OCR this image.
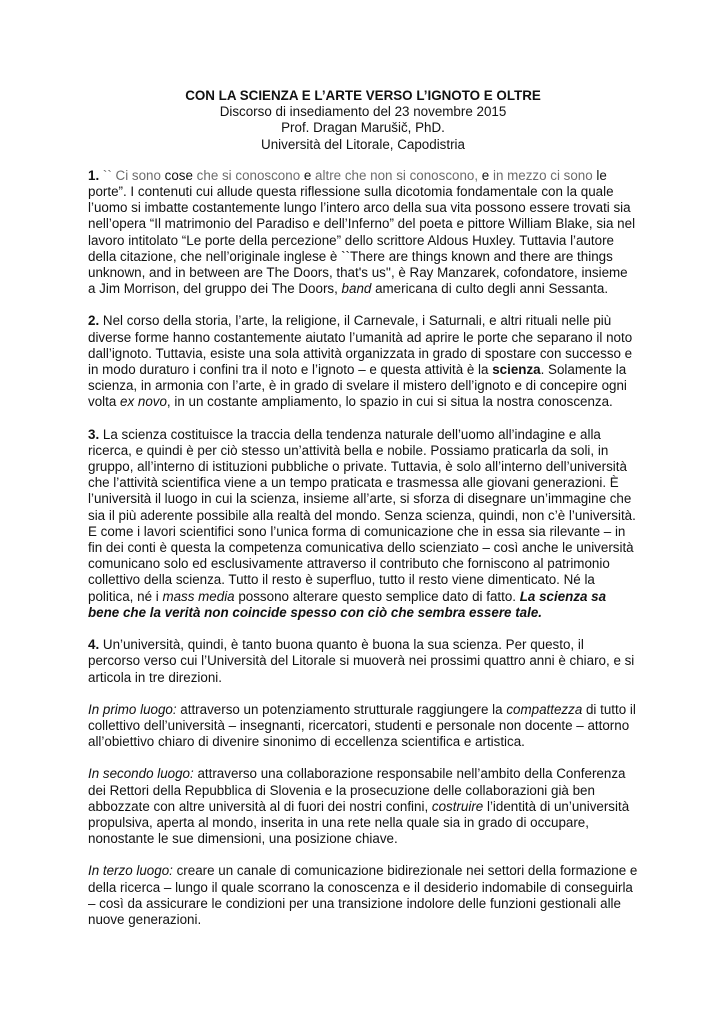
CON LA SCIENZA E L’ARTE VERSO L’IGNOTO E OLTRE
Discorso di insediamento del 23 novembre 2015
Prof. Dragan Marušič, PhD.
Università del Litorale, Capodistria

1. `` Ci sono cose che si conoscono e altre che non si conoscono, e in mezzo ci sono le porte”. I contenuti cui allude questa riflessione sulla dicotomia fondamentale con la quale l’uomo si imbatte costantemente lungo l’intero arco della sua vita possono essere trovati sia nell’opera “Il matrimonio del Paradiso e dell’Inferno” del poeta e pittore William Blake, sia nel lavoro intitolato “Le porte della percezione” dello scrittore Aldous Huxley. Tuttavia l’autore della citazione, che nell’originale inglese è ``There are things known and there are things unknown, and in between are The Doors, that's us'', è Ray Manzarek, cofondatore, insieme a Jim Morrison, del gruppo dei The Doors, band americana di culto degli anni Sessanta.

2. Nel corso della storia, l’arte, la religione, il Carnevale, i Saturnali, e altri rituali nelle più diverse forme hanno costantemente aiutato l’umanità ad aprire le porte che separano il noto dall’ignoto. Tuttavia, esiste una sola attività organizzata in grado di spostare con successo e in modo duraturo i confini tra il noto e l’ignoto – e questa attività è la scienza. Solamente la scienza, in armonia con l’arte, è in grado di svelare il mistero dell’ignoto e di concepire ogni volta ex novo, in un costante ampliamento, lo spazio in cui si situa la nostra conoscenza.

3. La scienza costituisce la traccia della tendenza naturale dell’uomo all’indagine e alla ricerca, e quindi è per ciò stesso un’attività bella e nobile. Possiamo praticarla da soli, in gruppo, all’interno di istituzioni pubbliche o private. Tuttavia, è solo all’interno dell’università che l’attività scientifica viene a un tempo praticata e trasmessa alle giovani generazioni. È l’università il luogo in cui la scienza, insieme all’arte, si sforza di disegnare un’immagine che sia il più aderente possibile alla realtà del mondo. Senza scienza, quindi, non c’è l’università. E come i lavori scientifici sono l’unica forma di comunicazione che in essa sia rilevante – in fin dei conti è questa la competenza comunicativa dello scienziato – così anche le università comunicano solo ed esclusivamente attraverso il contributo che forniscono al patrimonio collettivo della scienza. Tutto il resto è superfluo, tutto il resto viene dimenticato. Né la politica, né i mass media possono alterare questo semplice dato di fatto. La scienza sa bene che la verità non coincide spesso con ciò che sembra essere tale.

4. Un’università, quindi, è tanto buona quanto è buona la sua scienza. Per questo, il percorso verso cui l’Università del Litorale si muoverà nei prossimi quattro anni è chiaro, e si articola in tre direzioni.

In primo luogo: attraverso un potenziamento strutturale raggiungere la compattezza di tutto il collettivo dell’università – insegnanti, ricercatori, studenti e personale non docente – attorno all’obiettivo chiaro di divenire sinonimo di eccellenza scientifica e artistica.

In secondo luogo: attraverso una collaborazione responsabile nell’ambito della Conferenza dei Rettori della Repubblica di Slovenia e la prosecuzione delle collaborazioni già ben abbozzate con altre università al di fuori dei nostri confini, costruire l’identità di un’università propulsiva, aperta al mondo, inserita in una rete nella quale sia in grado di occupare, nonostante le sue dimensioni, una posizione chiave.

In terzo luogo: creare un canale di comunicazione bidirezionale nei settori della formazione e della ricerca – lungo il quale scorrano la conoscenza e il desiderio indomabile di conseguirla – così da assicurare le condizioni per una transizione indolore delle funzioni gestionali alle nuove generazioni.
